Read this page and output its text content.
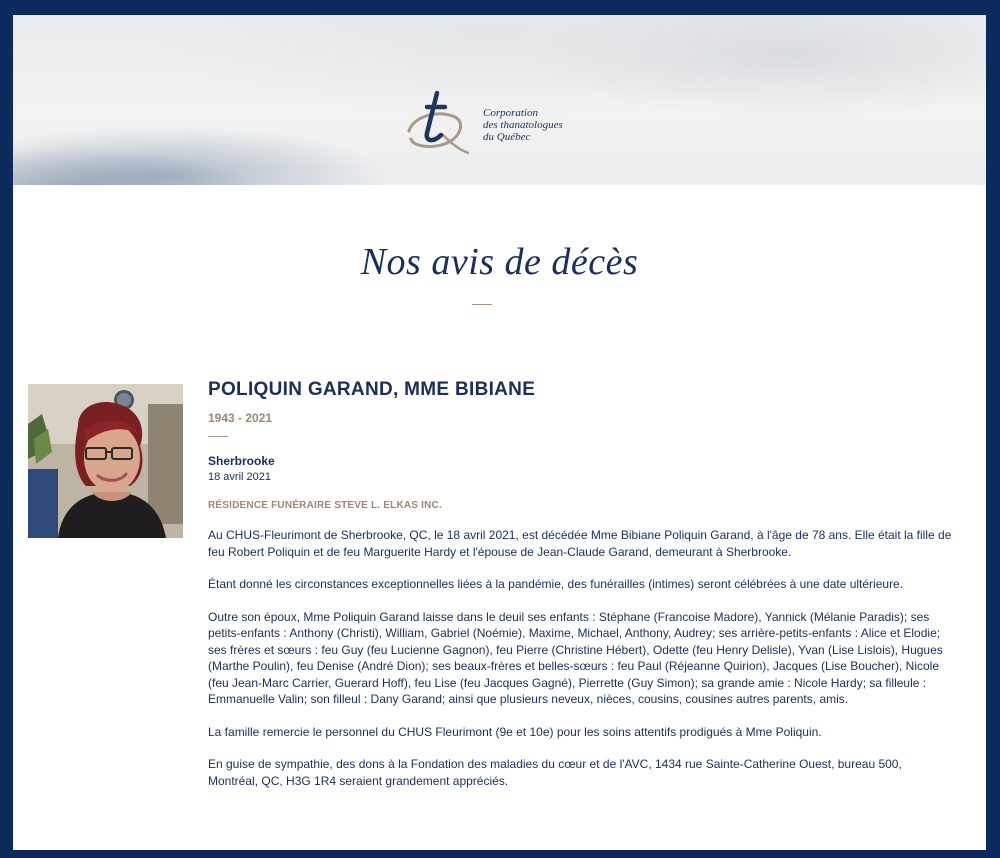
Corporation
des thanatologues
du Québec
Nos avis de décès
POLIQUIN GARAND, MME BIBIANE
1943 - 2021
Sherbrooke
18 avril 2021
RÉSIDENCE FUNÉRAIRE STEVE L. ELKAS INC.

Au CHUS-Fleurimont de Sherbrooke, QC, le 18 avril 2021, est décédée Mme Bibiane Poliquin Garand, à l'âge de 78 ans. Elle était la fille de feu Robert Poliquin et de feu Marguerite Hardy et l'épouse de Jean-Claude Garand, demeurant à Sherbrooke.

Étant donné les circonstances exceptionnelles liées à la pandémie, des funérailles (intimes) seront célébrées à une date ultérieure.

Outre son époux, Mme Poliquin Garand laisse dans le deuil ses enfants : Stéphane (Francoise Madore), Yannick (Mélanie Paradis); ses petits-enfants : Anthony (Christi), William, Gabriel (Noémie), Maxime, Michael, Anthony, Audrey; ses arrière-petits-enfants : Alice et Elodie; ses frères et sœurs : feu Guy (feu Lucienne Gagnon), feu Pierre (Christine Hébert), Odette (feu Henry Delisle), Yvan (Lise Lislois), Hugues (Marthe Poulin), feu Denise (André Dion); ses beaux-frères et belles-sœurs : feu Paul (Réjeanne Quirion), Jacques (Lise Boucher), Nicole (feu Jean-Marc Carrier, Guerard Hoff), feu Lise (feu Jacques Gagné), Pierrette (Guy Simon); sa grande amie : Nicole Hardy; sa filleule : Emmanuelle Valin; son filleul : Dany Garand; ainsi que plusieurs neveux, nièces, cousins, cousines autres parents, amis.

La famille remercie le personnel du CHUS Fleurimont (9e et 10e) pour les soins attentifs prodigués à Mme Poliquin.

En guise de sympathie, des dons à la Fondation des maladies du cœur et de l'AVC, 1434 rue Sainte-Catherine Ouest, bureau 500, Montréal, QC, H3G 1R4 seraient grandement appréciés.
